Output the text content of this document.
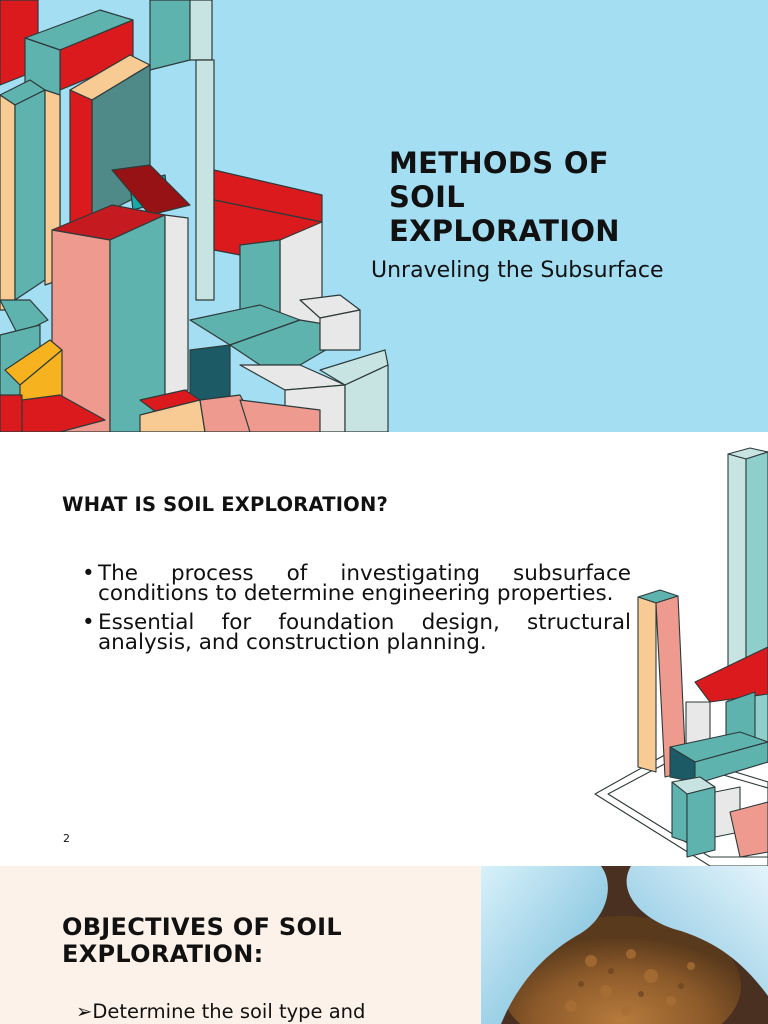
METHODS OF
SOIL
EXPLORATION
Unraveling the Subsurface
WHAT IS SOIL EXPLORATION?
• The process of investigating subsurface conditions to determine engineering properties.
• Essential for foundation design, structural analysis, and construction planning.
2
OBJECTIVES OF SOIL
EXPLORATION:
➢Determine the soil type and
